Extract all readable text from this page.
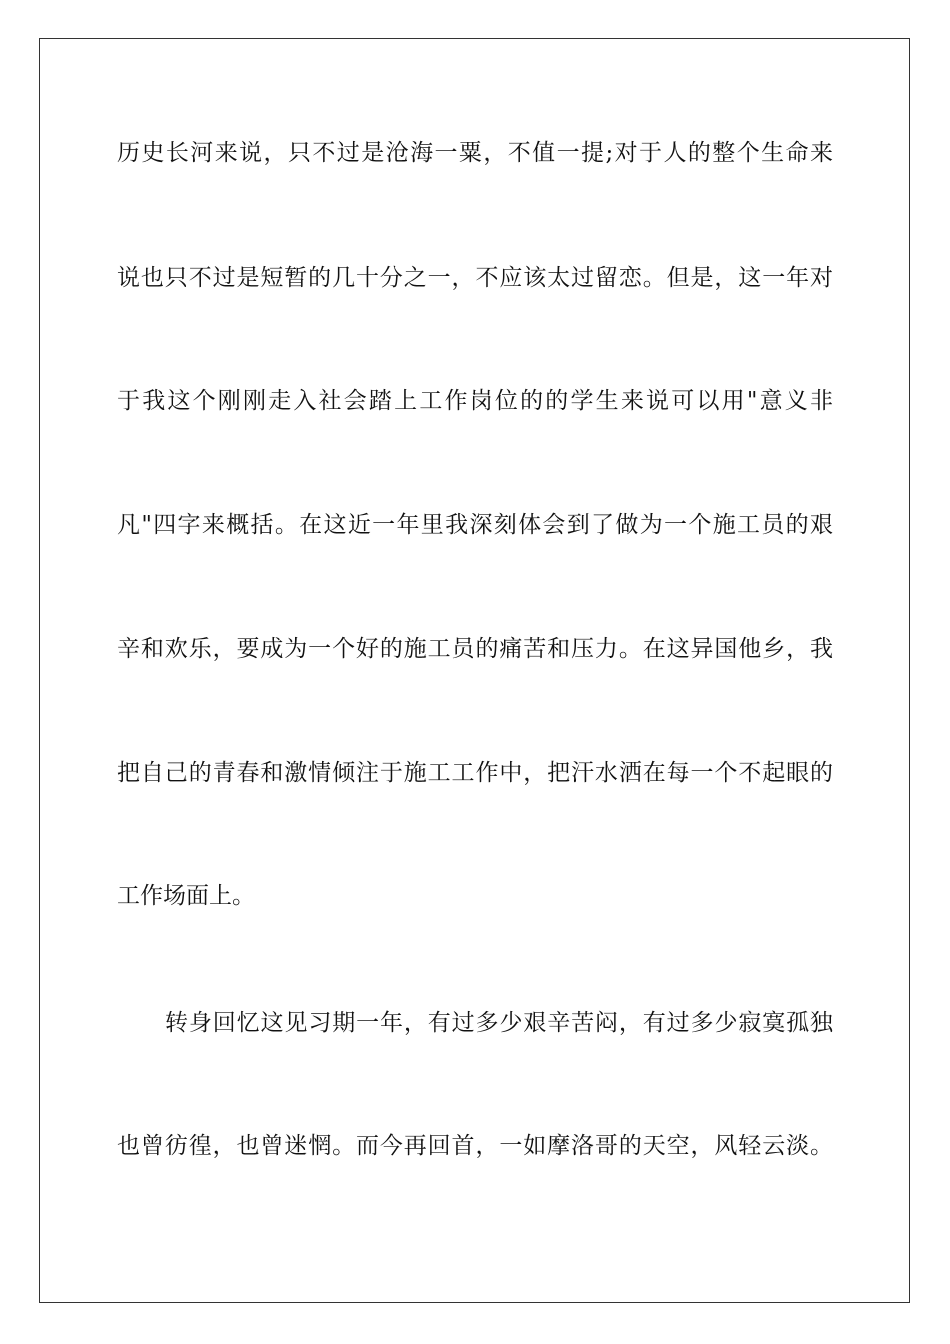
历史长河来说，只不过是沧海一粟，不值一提;对于人的整个生命来
说也只不过是短暂的几十分之一，不应该太过留恋。但是，这一年对
于我这个刚刚走入社会踏上工作岗位的的学生来说可以用"意义非
凡"四字来概括。在这近一年里我深刻体会到了做为一个施工员的艰
辛和欢乐，要成为一个好的施工员的痛苦和压力。在这异国他乡，我
把自己的青春和激情倾注于施工工作中，把汗水洒在每一个不起眼的
工作场面上。
转身回忆这见习期一年，有过多少艰辛苦闷，有过多少寂寞孤独
也曾彷徨，也曾迷惘。而今再回首，一如摩洛哥的天空，风轻云淡。
